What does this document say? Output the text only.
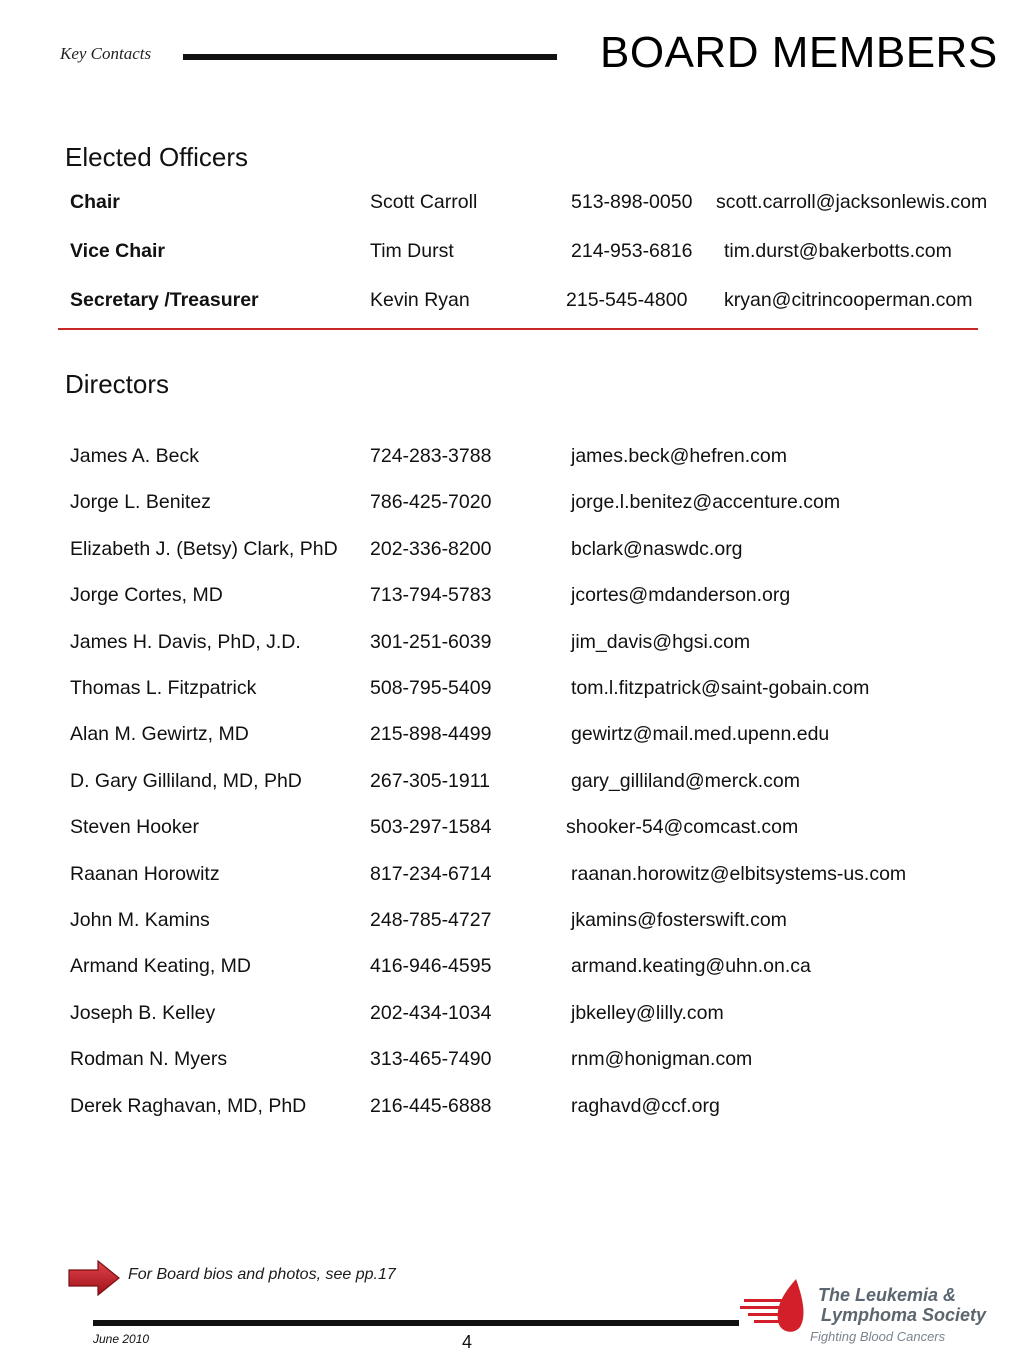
Key Contacts	BOARD MEMBERS
Elected Officers
Chair	Scott Carroll	513-898-0050 scott.carroll@jacksonlewis.com
Vice Chair	Tim Durst	214-953-6816 tim.durst@bakerbotts.com
Secretary /Treasurer	Kevin Ryan	215-545-4800 kryan@citrincooperman.com
Directors
James A. Beck	724-283-3788	james.beck@hefren.com
Jorge L. Benitez	786-425-7020	jorge.l.benitez@accenture.com
Elizabeth J. (Betsy) Clark, PhD 202-336-8200	bclark@naswdc.org
Jorge Cortes, MD	713-794-5783	jcortes@mdanderson.org
James H. Davis, PhD, J.D.	301-251-6039	jim_davis@hgsi.com
Thomas L. Fitzpatrick	508-795-5409	tom.l.fitzpatrick@saint-gobain.com
Alan M. Gewirtz, MD	215-898-4499	gewirtz@mail.med.upenn.edu
D. Gary Gilliland, MD, PhD	267-305-1911	gary_gilliland@merck.com
Steven Hooker	503-297-1584	shooker-54@comcast.com
Raanan Horowitz	817-234-6714	raanan.horowitz@elbitsystems-us.com
John M. Kamins	248-785-4727	jkamins@fosterswift.com
Armand Keating, MD	416-946-4595	armand.keating@uhn.on.ca
Joseph B. Kelley	202-434-1034	jbkelley@lilly.com
Rodman N. Myers	313-465-7490	rnm@honigman.com
Derek Raghavan, MD, PhD	216-445-6888	raghavd@ccf.org
For Board bios and photos, see pp.17
June 2010	4
The Leukemia &
Lymphoma Society
Fighting Blood Cancers
